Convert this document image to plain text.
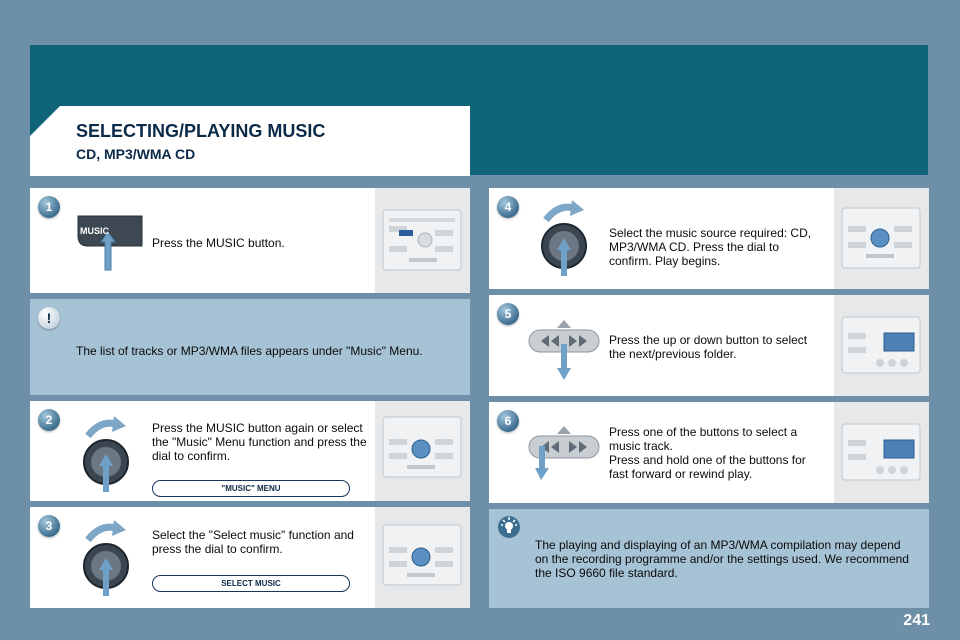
SELECTING/PLAYING MUSIC
CD, MP3/WMA CD
1
MUSIC
Press the MUSIC button.
!
The list of tracks or MP3/WMA files appears under "Music" Menu.
2
Press the MUSIC button again or select the "Music" Menu function and press the dial to confirm.
"MUSIC" MENU
3
Select the "Select music" function and press the dial to confirm.
SELECT MUSIC
4
Select the music source required: CD, MP3/WMA CD. Press the dial to confirm. Play begins.
5
Press the up or down button to select the next/previous folder.
6
Press one of the buttons to select a music track.
Press and hold one of the buttons for fast forward or rewind play.
The playing and displaying of an MP3/WMA compilation may depend on the recording programme and/or the settings used. We recommend the ISO 9660 file standard.
241
